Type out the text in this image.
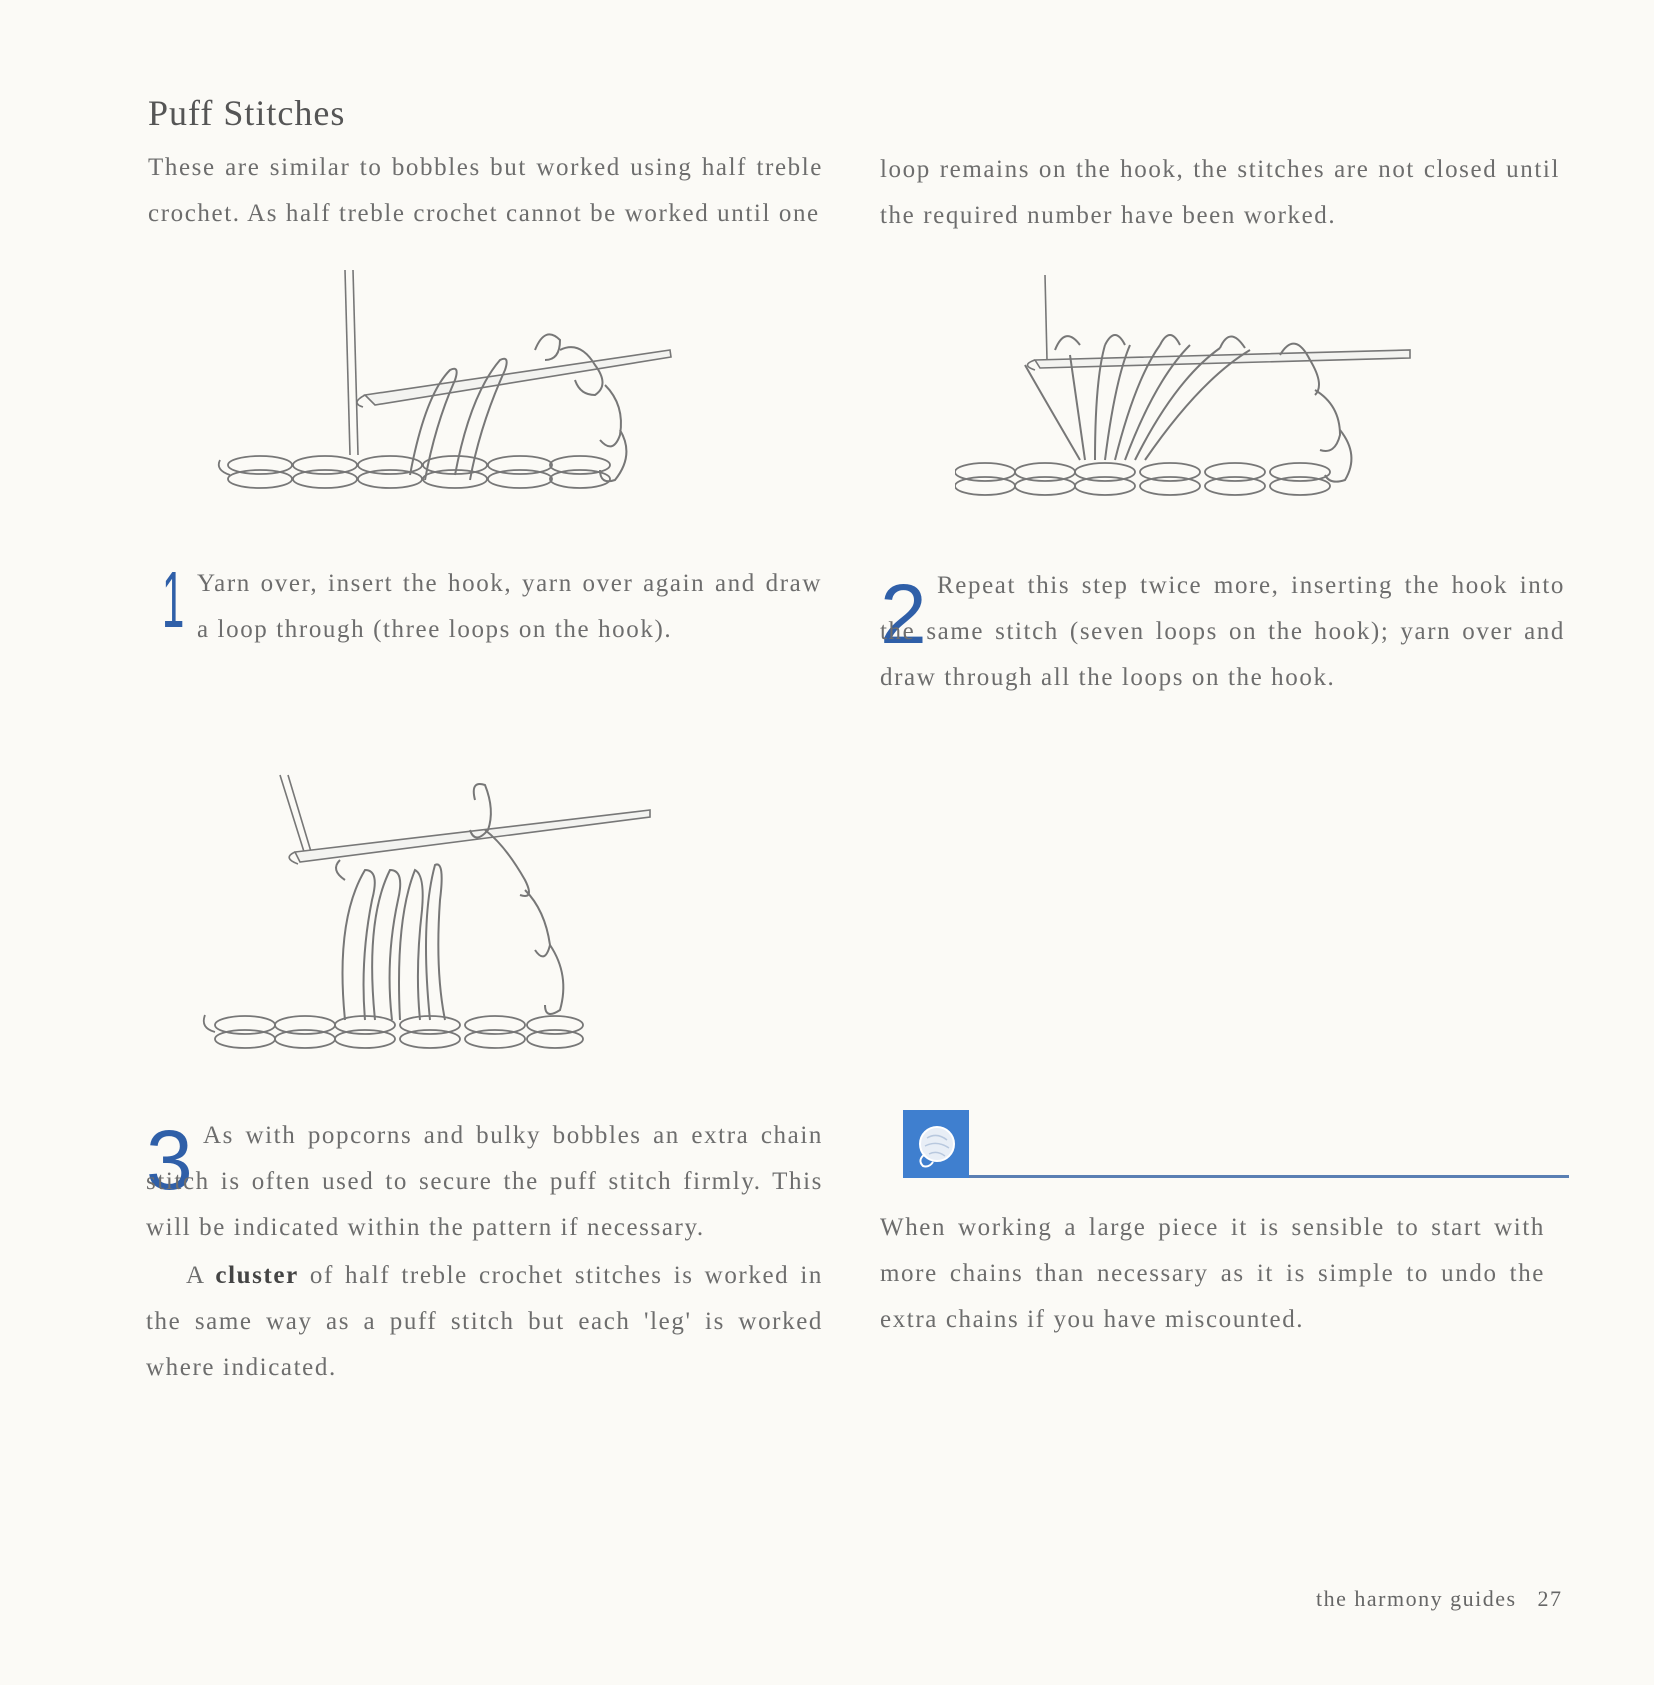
Puff Stitches

These are similar to bobbles but worked using half treble crochet. As half treble crochet cannot be worked until one

loop remains on the hook, the stitches are not closed until the required number have been worked.

1 Yarn over, insert the hook, yarn over again and draw a loop through (three loops on the hook).	2 Repeat this step twice more, inserting the hook into the same stitch (seven loops on the hook); yarn over and draw through all the loops on the hook.

3 As with popcorns and bulky bobbles an extra chain stitch is often used to secure the puff stitch firmly. This will be indicated within the pattern if necessary.

A cluster of half treble crochet stitches is worked in the same way as a puff stitch but each 'leg' is worked where indicated.

When working a large piece it is sensible to start with more chains than necessary as it is simple to undo the extra chains if you have miscounted.

the harmony guides 27
